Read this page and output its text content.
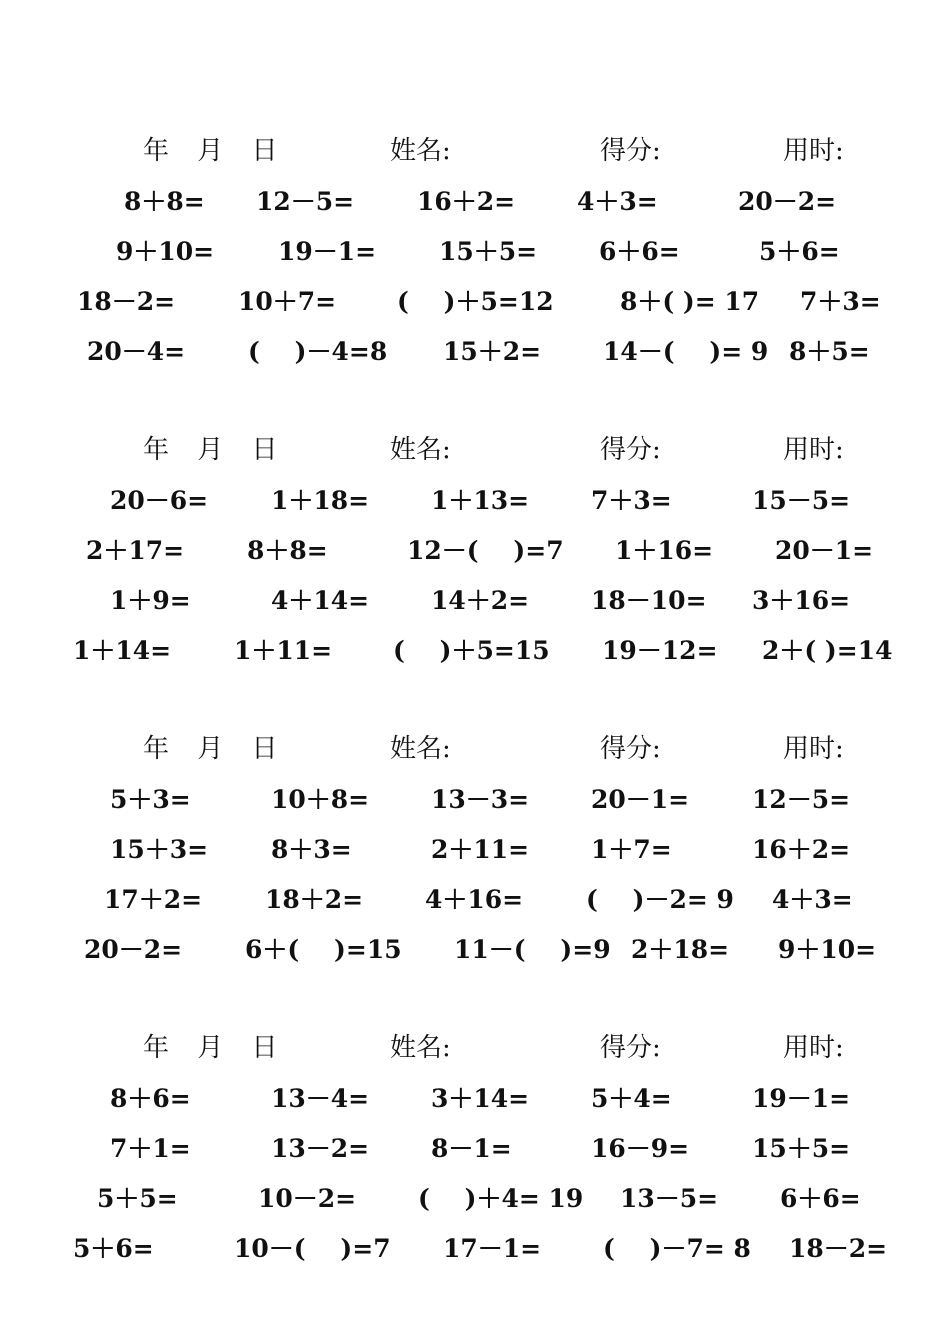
年 月 日	姓名:	得分:	用时:
8＋8= 12－5=	16＋2= 4＋3=	20－2=
9＋10=	19－1=	15＋5= 6＋6=	5＋6=
18－2=	10＋7= (    )＋5=12	8＋( )= 17 7＋3=
20－4=	(    )－4=8 15＋2= 14－(    )= 9 8＋5=
年 月 日	姓名:	得分:	用时:
20－6=	1＋18= 1＋13= 7＋3=	15－5=
2＋17=	8＋8=	12－(    )=7 1＋16= 20－1=
1＋9=	4＋14= 14＋2= 18－10= 3＋16=
1＋14=	1＋11= (    )＋5=15 19－12= 2＋( )=14
年 月 日	姓名:	得分:	用时:
5＋3=	10＋8= 13－3= 20－1=	12－5=
15＋3=	8＋3=	2＋11= 1＋7=	16＋2=
17＋2=	18＋2= 4＋16=	(    )－2= 9 4＋3=
20－2=	6＋(    )=15 11－(    )=9 2＋18= 9＋10=
年 月 日	姓名:	得分:	用时:
8＋6=	13－4= 3＋14= 5＋4=	19－1=
7＋1=	13－2= 8－1=	16－9=	15＋5=
5＋5=	10－2= (    )＋4= 19 13－5= 6＋6=
5＋6=	10－(    )=7 17－1= (    )－7= 8 18－2=
